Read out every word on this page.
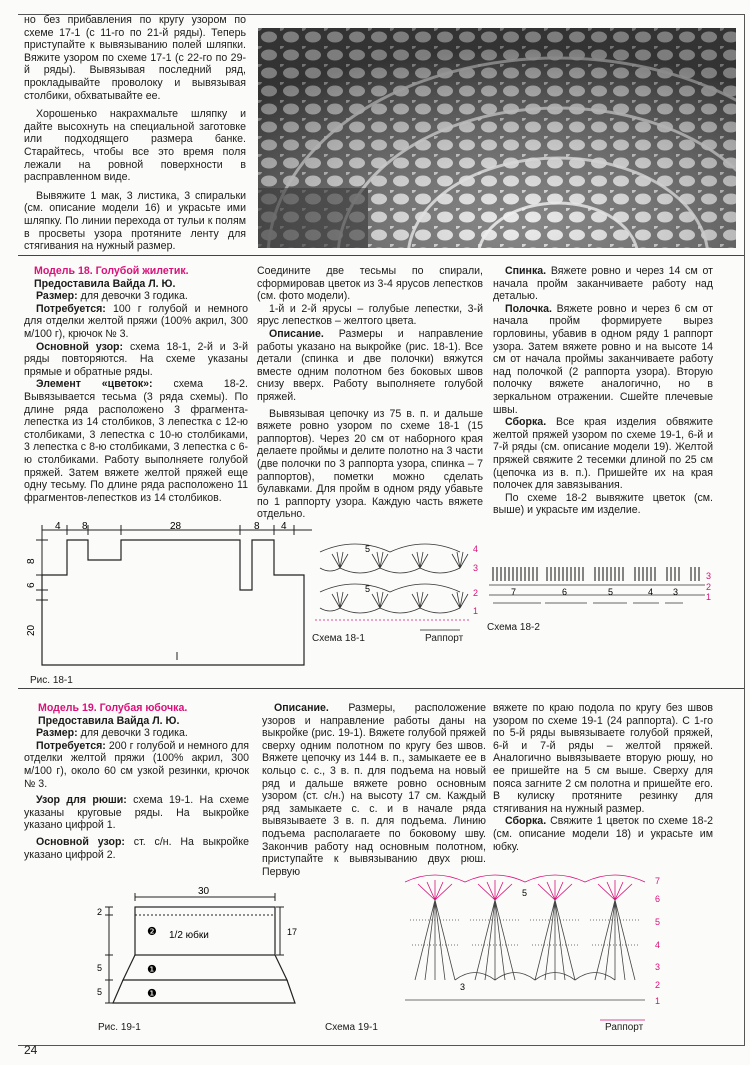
но без прибавления по кругу узором по схеме 17-1 (с 11-го по 21-й ряды). Теперь приступайте к вывязыванию полей шляпки. Вяжите узором по схеме 17-1 (с 22-го по 29-й ряды). Вывязывая последний ряд, прокладывайте проволоку и вывязывая столбики, обхватывайте ее.

Хорошенько накрахмальте шляпку и дайте высохнуть на специальной заготовке или подходящего размера банке. Старайтесь, чтобы все это время поля лежали на ровной поверхности в расправленном виде.

Вывяжите 1 мак, 3 листика, 3 спиральки (см. описание модели 16) и украсьте ими шляпку. По линии перехода от тульи к полям в просветы узора протяните ленту для стягивания на нужный размер.

Модель 18. Голубой жилетик.

Предоставила Вайда Л. Ю.

Размер: для девочки 3 годика.

Потребуется: 100 г голубой и немного для отделки желтой пряжи (100% акрил, 300 м/100 г), крючок № 3.

Основной узор: схема 18-1, 2-й и 3-й ряды повторяются. На схеме указаны прямые и обратные ряды.

Элемент «цветок»: схема 18-2. Вывязывается тесьма (3 ряда схемы). По длине ряда расположено 3 фрагмента-лепестка из 14 столбиков, 3 лепестка с 12-ю столбиками, 3 лепестка с 10-ю столбиками, 3 лепестка с 8-ю столбиками, 3 лепестка с 6-ю столбиками. Работу выполняете голубой пряжей. Затем вяжете желтой пряжей еще одну тесьму. По длине ряда расположено 11 фрагментов-лепестков из 14 столбиков.

Соедините две тесьмы по спирали, сформировав цветок из 3-4 ярусов лепестков (см. фото модели).

1-й и 2-й ярусы – голубые лепестки, 3-й ярус лепестков – желтого цвета.

Описание. Размеры и направление работы указано на выкройке (рис. 18-1). Все детали (спинка и две полочки) вяжутся вместе одним полотном без боковых швов снизу вверх. Работу выполняете голубой пряжей.

Вывязывая цепочку из 75 в. п. и дальше вяжете ровно узором по схеме 18-1 (15 раппортов). Через 20 см от наборного края делаете проймы и делите полотно на 3 части (две полочки по 3 раппорта узора, спинка – 7 раппортов), пометки можно сделать булавками. Для пройм в одном ряду убавьте по 1 раппорту узора. Каждую часть вяжете отдельно.

Спинка. Вяжете ровно и через 14 см от начала пройм заканчиваете работу над деталью.

Полочка. Вяжете ровно и через 6 см от начала пройм формируете вырез горловины, убавив в одном ряду 1 раппорт узора. Затем вяжете ровно и на высоте 14 см от начала проймы заканчиваете работу над полочкой (2 раппорта узора). Вторую полочку вяжете аналогично, но в зеркальном отражении. Сшейте плечевые швы.

Сборка. Все края изделия обвяжите желтой пряжей узором по схеме 19-1, 6-й и 7-й ряды (см. описание модели 19). Желтой пряжей свяжите 2 тесемки длиной по 25 см (цепочка из в. п.). Пришейте их на края полочек для завязывания.

По схеме 18-2 вывяжите цветок (см. выше) и украсьте им изделие.

4 8	28	8 4
8
6
20
Рис. 18-1
5
5
4
3
2
1
Схема 18-1	Раппорт
7	6	5	4 3
3
2
1
Схема 18-2

Модель 19. Голубая юбочка.

Предоставила Вайда Л. Ю.

Размер: для девочки 3 годика.

Потребуется: 200 г голубой и немного для отделки желтой пряжи (100% акрил, 300 м/100 г), около 60 см узкой резинки, крючок № 3.

Узор для рюши: схема 19-1. На схеме указаны круговые ряды. На выкройке указано цифрой 1.

Основной узор: ст. с/н. На выкройке указано цифрой 2.

Описание. Размеры, расположение узоров и направление работы даны на выкройке (рис. 19-1). Вяжете голубой пряжей сверху одним полотном по кругу без швов. Вяжете цепочку из 144 в. п., замыкаете ее в кольцо с. с., 3 в. п. для подъема на новый ряд и дальше вяжете ровно основным узором (ст. с/н.) на высоту 17 см. Каждый ряд замыкаете с. с. и в начале ряда вывязываете 3 в. п. для подъема. Линию подъема располагаете по боковому шву. Закончив работу над основным полотном, приступайте к вывязыванию двух рюш. Первую

вяжете по краю подола по кругу без швов узором по схеме 19-1 (24 раппорта). С 1-го по 5-й ряды вывязываете голубой пряжей, 6-й и 7-й ряды – желтой пряжей. Аналогично вывязываете вторую рюшу, но ее пришейте на 5 см выше. Сверху для пояса загните 2 см полотна и пришейте его. В кулиску протяните резинку для стягивания на нужный размер.

Сборка. Свяжите 1 цветок по схеме 18-2 (см. описание модели 18) и украсьте им юбку.

30
❷ 1/2 юбки
❶
❶
2
17
5
5
Рис. 19-1
5
3
7
6
5
4
3
2
1
Схема 19-1	Раппорт
24
